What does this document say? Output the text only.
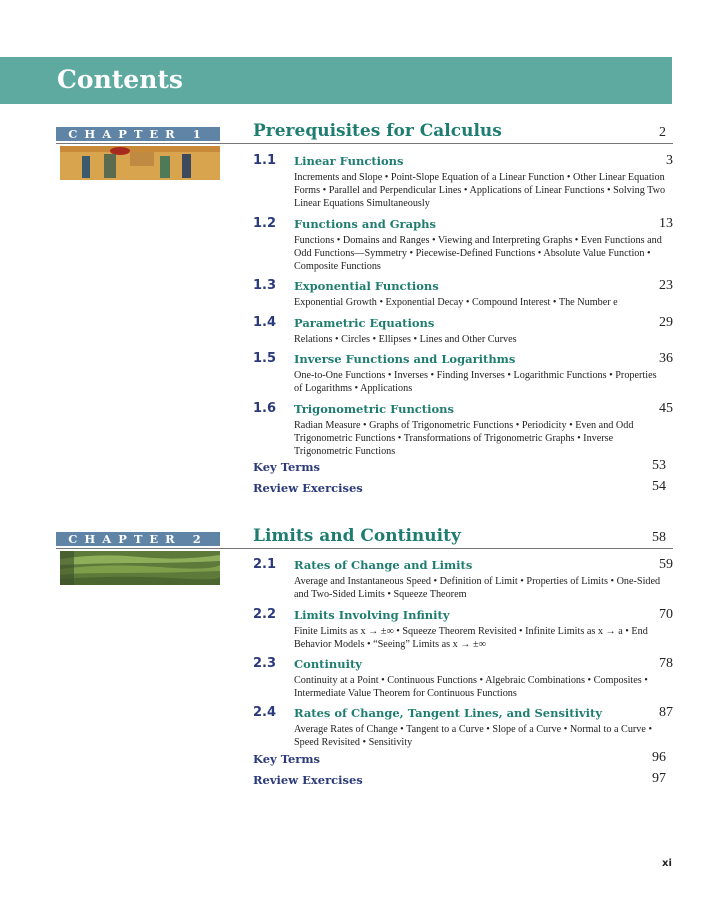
Contents
CHAPTER 1	Prerequisites for Calculus	2
1.1 Linear Functions	3
Increments and Slope • Point-Slope Equation of a Linear Function • Other Linear Equation Forms • Parallel and Perpendicular Lines • Applications of Linear Functions • Solving Two Linear Equations Simultaneously
1.2 Functions and Graphs	13
Functions • Domains and Ranges • Viewing and Interpreting Graphs • Even Functions and Odd Functions—Symmetry • Piecewise-Defined Functions • Absolute Value Function • Composite Functions
1.3 Exponential Functions	23
Exponential Growth • Exponential Decay • Compound Interest • The Number e
1.4 Parametric Equations	29
Relations • Circles • Ellipses • Lines and Other Curves
1.5 Inverse Functions and Logarithms	36
One-to-One Functions • Inverses • Finding Inverses • Logarithmic Functions • Properties of Logarithms • Applications
1.6 Trigonometric Functions	45
Radian Measure • Graphs of Trigonometric Functions • Periodicity • Even and Odd Trigonometric Functions • Transformations of Trigonometric Graphs • Inverse Trigonometric Functions
Key Terms	53
Review Exercises	54
CHAPTER 2	Limits and Continuity	58
2.1 Rates of Change and Limits	59
Average and Instantaneous Speed • Definition of Limit • Properties of Limits • One-Sided and Two-Sided Limits • Squeeze Theorem
2.2 Limits Involving Infinity	70
Finite Limits as x → ±∞ • Squeeze Theorem Revisited • Infinite Limits as x → a • End Behavior Models • “Seeing” Limits as x → ±∞
2.3 Continuity	78
Continuity at a Point • Continuous Functions • Algebraic Combinations • Composites • Intermediate Value Theorem for Continuous Functions
2.4 Rates of Change, Tangent Lines, and Sensitivity	87
Average Rates of Change • Tangent to a Curve • Slope of a Curve • Normal to a Curve • Speed Revisited • Sensitivity
Key Terms	96
Review Exercises	97
xi
